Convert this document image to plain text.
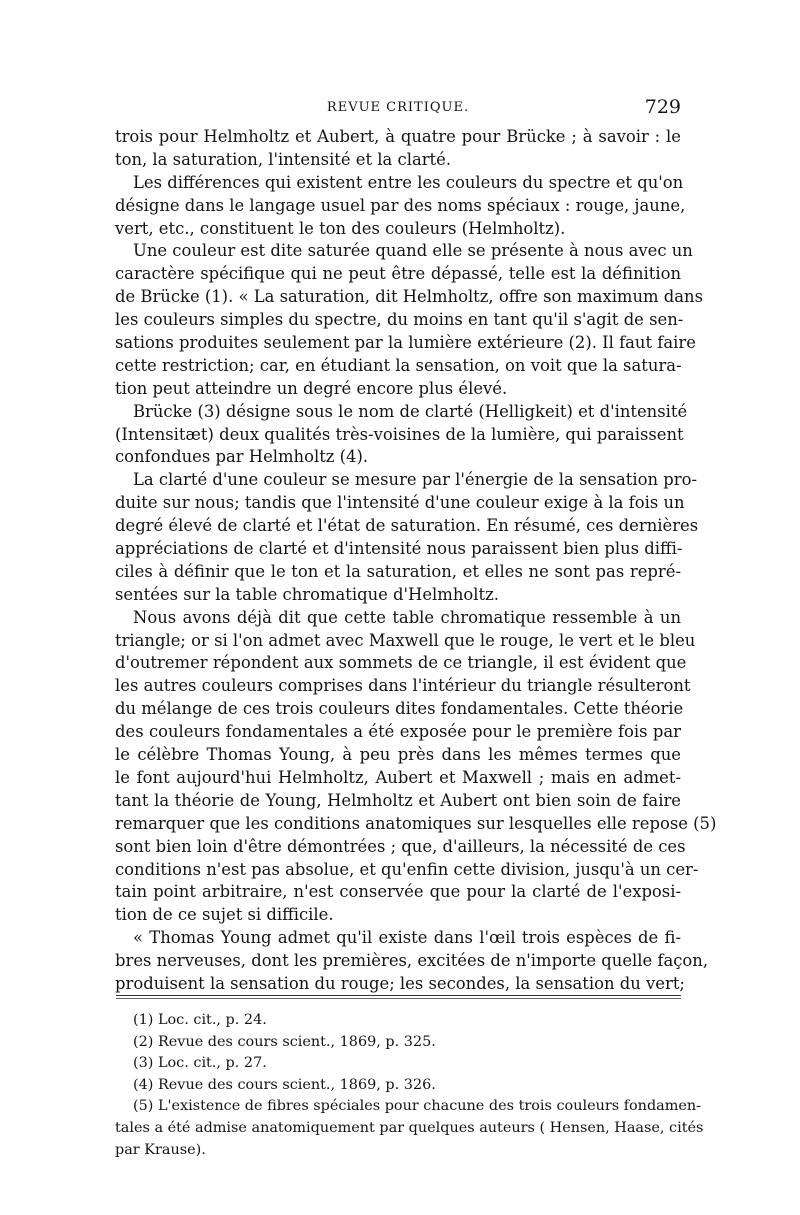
REVUE CRITIQUE.	729
trois pour Helmholtz et Aubert, à quatre pour Brücke ; à savoir : le
ton, la saturation, l'intensité et la clarté.
Les différences qui existent entre les couleurs du spectre et qu'on
désigne dans le langage usuel par des noms spéciaux : rouge, jaune,
vert, etc., constituent le ton des couleurs (Helmholtz).
Une couleur est dite saturée quand elle se présente à nous avec un
caractère spécifique qui ne peut être dépassé, telle est la définition
de Brücke (1). « La saturation, dit Helmholtz, offre son maximum dans
les couleurs simples du spectre, du moins en tant qu'il s'agit de sen-
sations produites seulement par la lumière extérieure (2). Il faut faire
cette restriction; car, en étudiant la sensation, on voit que la satura-
tion peut atteindre un degré encore plus élevé.
Brücke (3) désigne sous le nom de clarté (Helligkeit) et d'intensité
(Intensitæt) deux qualités très-voisines de la lumière, qui paraissent
confondues par Helmholtz (4).
La clarté d'une couleur se mesure par l'énergie de la sensation pro-
duite sur nous; tandis que l'intensité d'une couleur exige à la fois un
degré élevé de clarté et l'état de saturation. En résumé, ces dernières
appréciations de clarté et d'intensité nous paraissent bien plus diffi-
ciles à définir que le ton et la saturation, et elles ne sont pas repré-
sentées sur la table chromatique d'Helmholtz.
Nous avons déjà dit que cette table chromatique ressemble à un
triangle; or si l'on admet avec Maxwell que le rouge, le vert et le bleu
d'outremer répondent aux sommets de ce triangle, il est évident que
les autres couleurs comprises dans l'intérieur du triangle résulteront
du mélange de ces trois couleurs dites fondamentales. Cette théorie
des couleurs fondamentales a été exposée pour le première fois par
le célèbre Thomas Young, à peu près dans les mêmes termes que
le font aujourd'hui Helmholtz, Aubert et Maxwell ; mais en admet-
tant la théorie de Young, Helmholtz et Aubert ont bien soin de faire
remarquer que les conditions anatomiques sur lesquelles elle repose (5)
sont bien loin d'être démontrées ; que, d'ailleurs, la nécessité de ces
conditions n'est pas absolue, et qu'enfin cette division, jusqu'à un cer-
tain point arbitraire, n'est conservée que pour la clarté de l'exposi-
tion de ce sujet si difficile.
« Thomas Young admet qu'il existe dans l'œil trois espèces de fi-
bres nerveuses, dont les premières, excitées de n'importe quelle façon,
produisent la sensation du rouge; les secondes, la sensation du vert;
(1) Loc. cit., p. 24.
(2) Revue des cours scient., 1869, p. 325.
(3) Loc. cit., p. 27.
(4) Revue des cours scient., 1869, p. 326.
(5) L'existence de fibres spéciales pour chacune des trois couleurs fondamen-
tales a été admise anatomiquement par quelques auteurs ( Hensen, Haase, cités
par Krause).
